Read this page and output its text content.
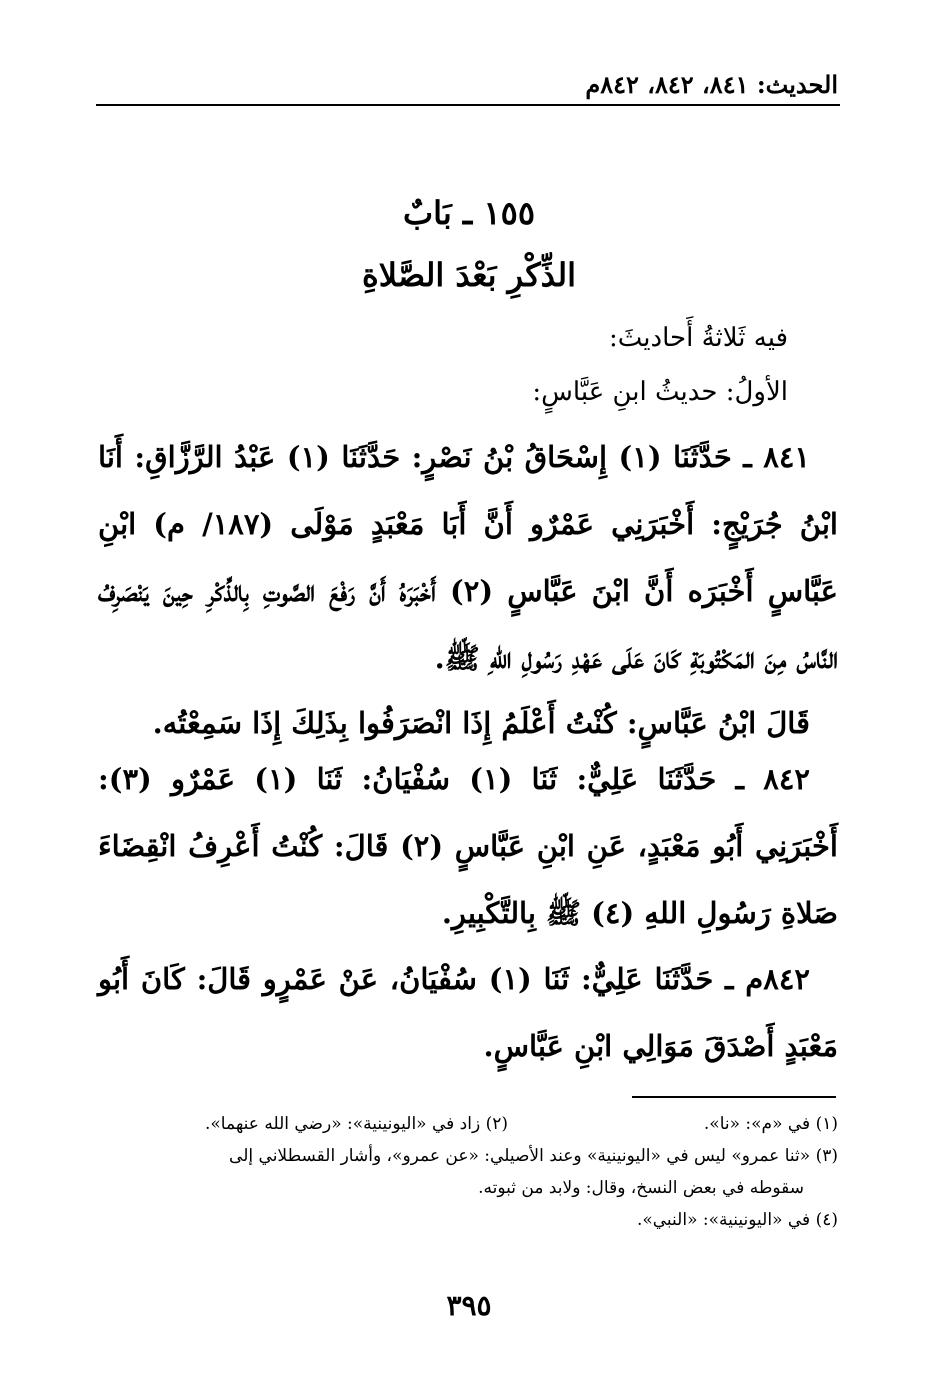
الحديث: ٨٤١، ٨٤٢، ٨٤٢م
١٥٥ ـ بَابٌ
الذِّكْرِ بَعْدَ الصَّلاةِ
فيه ثَلاثةُ أَحاديثَ:
الأولُ: حديثُ ابنِ عَبَّاسٍ:
٨٤١ ـ حَدَّثَنَا (١) إِسْحَاقُ بْنُ نَصْرٍ: حَدَّثَنَا (١) عَبْدُ الرَّزَّاقِ: أَنَا ابْنُ جُرَيْجٍ: أَخْبَرَنِي عَمْرٌو أَنَّ أَبَا مَعْبَدٍ مَوْلَى (١٨٧/ م) ابْنِ عَبَّاسٍ أَخْبَرَه أَنَّ ابْنَ عَبَّاسٍ (٢) أَخْبَرَهُ أَنَّ رَفْعَ الصَّوتِ بِالذِّكْرِ حِينَ يَنْصَرِفُ النَّاسُ مِنَ المَكْتُوبَةِ كَانَ عَلَى عَهْدِ رَسُولِ اللهِ ﷺ.
قَالَ ابْنُ عَبَّاسٍ: كُنْتُ أَعْلَمُ إِذَا انْصَرَفُوا بِذَلِكَ إِذَا سَمِعْتُه.
٨٤٢ ـ حَدَّثَنَا عَلِيٌّ: ثَنَا (١) سُفْيَانُ: ثَنَا (١) عَمْرٌو (٣): أَخْبَرَنِي أَبُو مَعْبَدٍ، عَنِ ابْنِ عَبَّاسٍ (٢) قَالَ: كُنْتُ أَعْرِفُ انْقِضَاءَ صَلاةِ رَسُولِ اللهِ (٤) ﷺ بِالتَّكْبِيرِ.
٨٤٢م ـ حَدَّثَنَا عَلِيٌّ: ثَنَا (١) سُفْيَانُ، عَنْ عَمْرٍو قَالَ: كَانَ أَبُو مَعْبَدٍ أَصْدَقَ مَوَالِي ابْنِ عَبَّاسٍ.
(١) في «م»: «نا».
(٢) زاد في «اليونينية»: «رضي الله عنهما».
(٣) «ثنا عمرو» ليس في «اليونينية» وعند الأصيلي: «عن عمرو»، وأشار القسطلاني إلى
سقوطه في بعض النسخ، وقال: ولابد من ثبوته.
(٤) في «اليونينية»: «النبي».
٣٩٥
